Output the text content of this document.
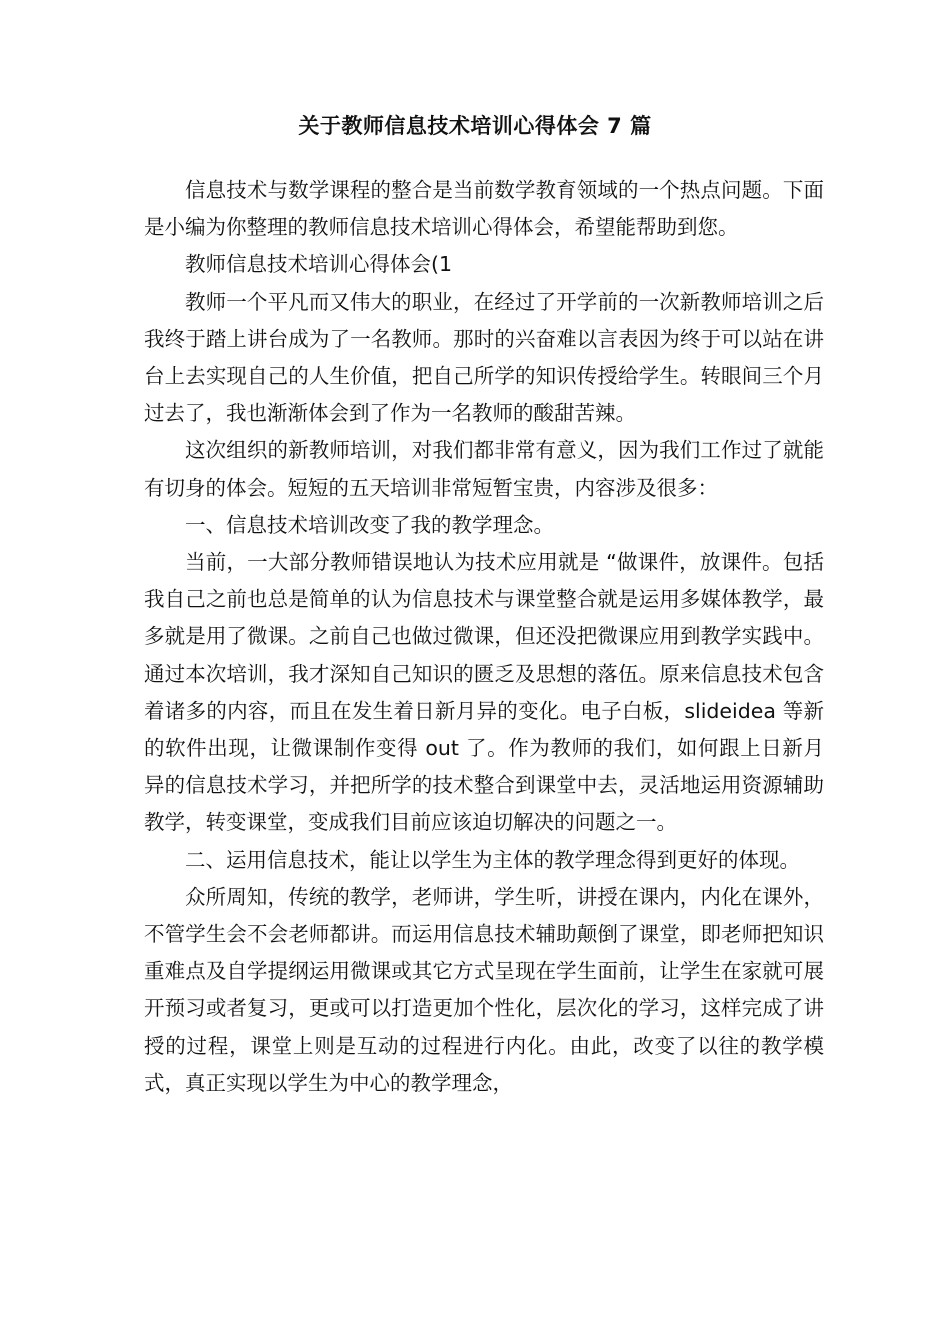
关于教师信息技术培训心得体会 7 篇

信息技术与数学课程的整合是当前数学教育领域的一个热点问题。下面是小编为你整理的教师信息技术培训心得体会，希望能帮助到您。

教师信息技术培训心得体会(1

教师一个平凡而又伟大的职业，在经过了开学前的一次新教师培训之后我终于踏上讲台成为了一名教师。那时的兴奋难以言表因为终于可以站在讲台上去实现自己的人生价值，把自己所学的知识传授给学生。转眼间三个月过去了，我也渐渐体会到了作为一名教师的酸甜苦辣。

这次组织的新教师培训，对我们都非常有意义，因为我们工作过了就能有切身的体会。短短的五天培训非常短暂宝贵，内容涉及很多：

一、信息技术培训改变了我的教学理念。

当前，一大部分教师错误地认为技术应用就是 “做课件，放课件。包括我自己之前也总是简单的认为信息技术与课堂整合就是运用多媒体教学，最多就是用了微课。之前自己也做过微课，但还没把微课应用到教学实践中。通过本次培训，我才深知自己知识的匮乏及思想的落伍。原来信息技术包含着诸多的内容，而且在发生着日新月异的变化。电子白板，slideidea 等新的软件出现，让微课制作变得 out 了。作为教师的我们，如何跟上日新月异的信息技术学习，并把所学的技术整合到课堂中去，灵活地运用资源辅助教学，转变课堂，变成我们目前应该迫切解决的问题之一。

二、运用信息技术，能让以学生为主体的教学理念得到更好的体现。

众所周知，传统的教学，老师讲，学生听，讲授在课内，内化在课外，不管学生会不会老师都讲。而运用信息技术辅助颠倒了课堂，即老师把知识重难点及自学提纲运用微课或其它方式呈现在学生面前，让学生在家就可展开预习或者复习，更或可以打造更加个性化，层次化的学习，这样完成了讲授的过程，课堂上则是互动的过程进行内化。由此，改变了以往的教学模式，真正实现以学生为中心的教学理念，
